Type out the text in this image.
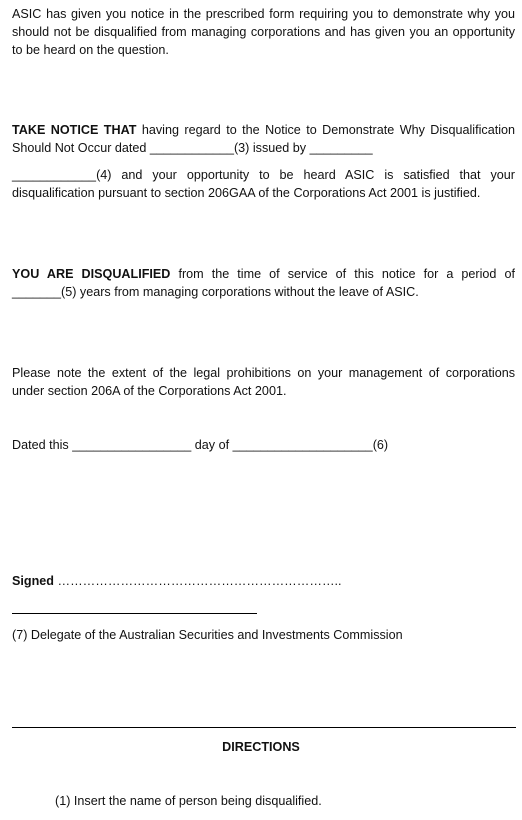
ASIC has given you notice in the prescribed form requiring you to demonstrate why you should not be disqualified from managing corporations and has given you an opportunity to be heard on the question.

TAKE NOTICE THAT having regard to the Notice to Demonstrate Why Disqualification Should Not Occur dated ____________(3) issued by _________

____________(4) and your opportunity to be heard ASIC is satisfied that your disqualification pursuant to section 206GAA of the Corporations Act 2001 is justified.

YOU ARE DISQUALIFIED from the time of service of this notice for a period of _______(5) years from managing corporations without the leave of ASIC.

Please note the extent of the legal prohibitions on your management of corporations under section 206A of the Corporations Act 2001.

Dated this _________________ day of ____________________(6)

Signed …………………………………………………………..

(7) Delegate of the Australian Securities and Investments Commission

DIRECTIONS
(1) Insert the name of person being disqualified.
